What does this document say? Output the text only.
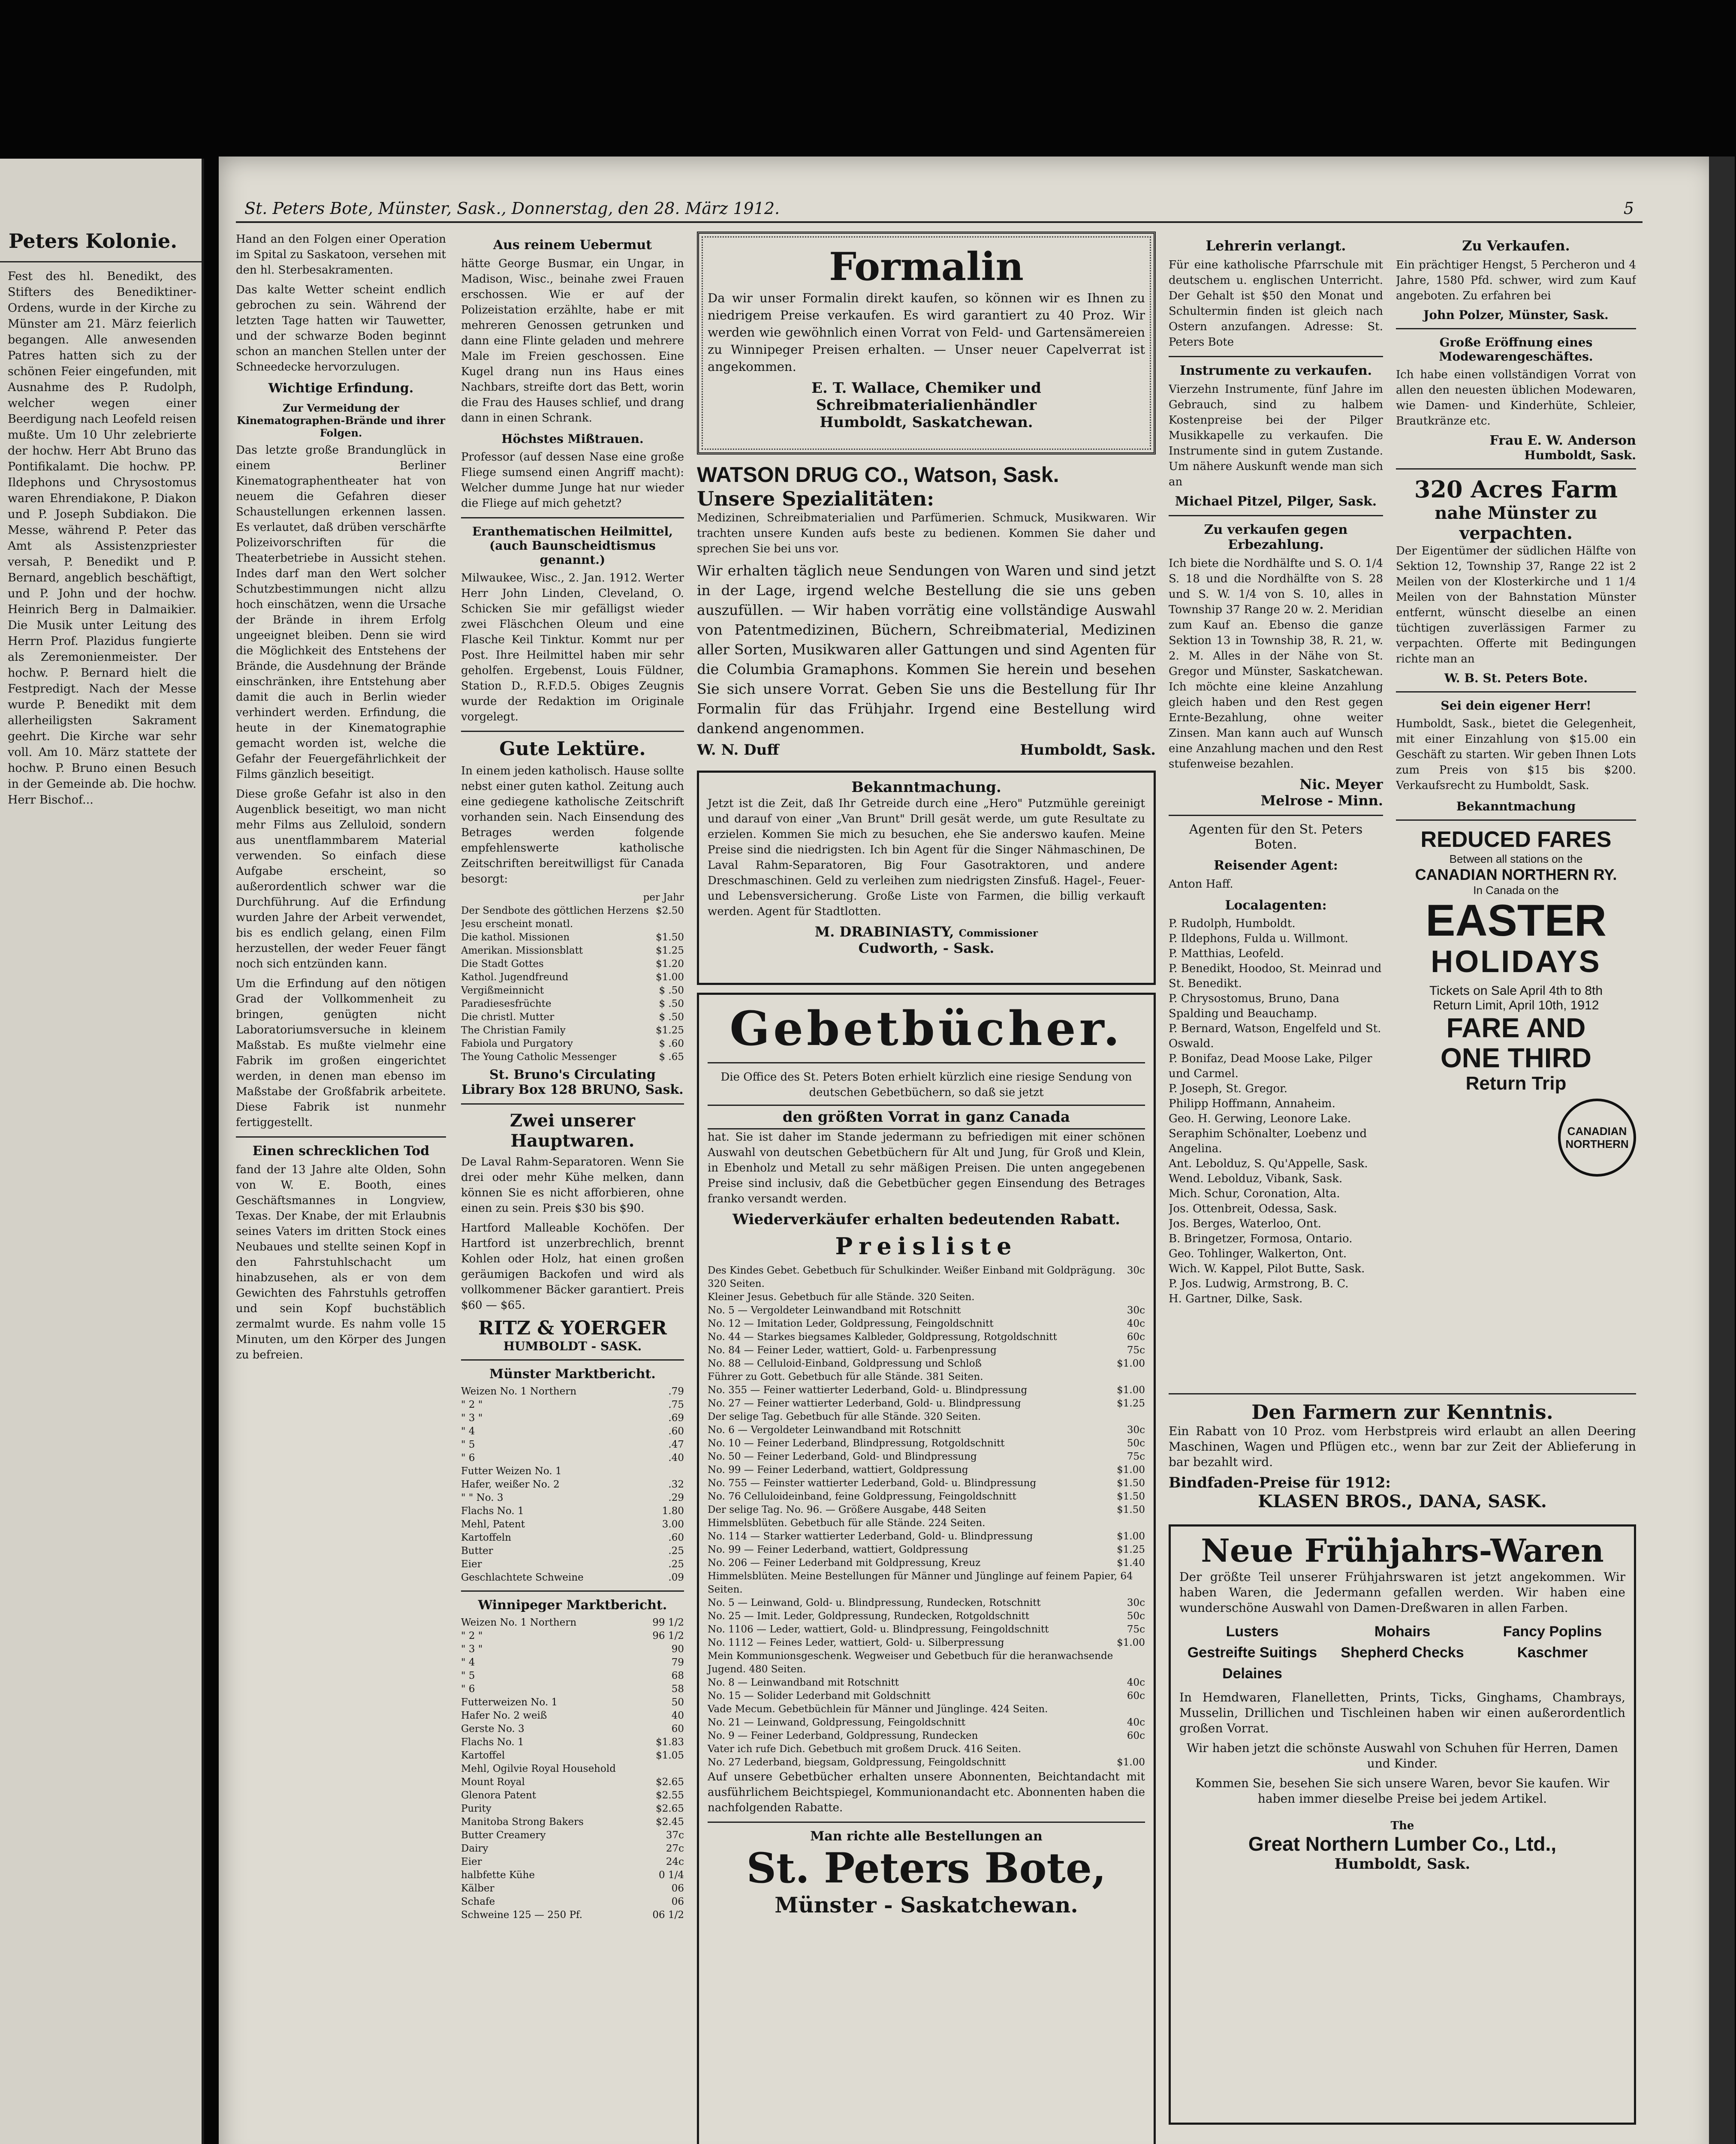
Peters Kolonie.
Fest des hl. Benedikt, des Stifters des Benediktiner-Ordens, wurde in der Kirche zu Münster am 21. März feierlich begangen. Alle anwesenden Patres hatten sich zu der schönen Feier eingefunden, mit Ausnahme des P. Rudolph, welcher wegen einer Beerdigung nach Leofeld reisen mußte. Um 10 Uhr zelebrierte der hochw. Herr Abt Bruno das Pontifikalamt. Die hochw. PP. Ildephons und Chrysostomus waren Ehrendiakone, P. Diakon und P. Joseph Subdiakon. Die Messe, während P. Peter das Amt als Assistenzpriester versah, P. Benedikt und P. Bernard, angeblich beschäftigt, und P. John und der hochw. Heinrich Berg in Dalmaikier. Die Musik unter Leitung des Herrn Prof. Plazidus fungierte als Zeremonienmeister. Der hochw. P. Bernard hielt die Festpredigt. Nach der Messe wurde P. Benedikt mit dem allerheiligsten Sakrament geehrt. Die Kirche war sehr voll. Am 10. März stattete der hochw. P. Bruno einen Besuch in der Gemeinde ab. Die hochw. Herr Bischof...
St. Peters Bote, Münster, Sask., Donnerstag, den 28. März 1912.	5

Hand an den Folgen einer Operation im Spital zu Saskatoon, versehen mit den hl. Sterbesakramenten.

Das kalte Wetter scheint endlich gebrochen zu sein. Während der letzten Tage hatten wir Tauwetter, und der schwarze Boden beginnt schon an manchen Stellen unter der Schneedecke hervorzulugen.

Wichtige Erfindung.
Zur Vermeidung der Kinematographen-Brände und ihrer Folgen.

Das letzte große Brandunglück in einem Berliner Kinematographentheater hat von neuem die Gefahren dieser Schaustellungen erkennen lassen. Es verlautet, daß drüben verschärfte Polizeivorschriften für die Theaterbetriebe in Aussicht stehen. Indes darf man den Wert solcher Schutzbestimmungen nicht allzu hoch einschätzen, wenn die Ursache der Brände in ihrem Erfolg ungeeignet bleiben. Denn sie wird die Möglichkeit des Entstehens der Brände, die Ausdehnung der Brände einschränken, ihre Entstehung aber damit die auch in Berlin wieder verhindert werden. Erfindung, die heute in der Kinematographie gemacht worden ist, welche die Gefahr der Feuergefährlichkeit der Films gänzlich beseitigt.

Diese große Gefahr ist also in den Augenblick beseitigt, wo man nicht mehr Films aus Zelluloid, sondern aus unentflammbarem Material verwenden. So einfach diese Aufgabe erscheint, so außerordentlich schwer war die Durchführung. Auf die Erfindung wurden Jahre der Arbeit verwendet, bis es endlich gelang, einen Film herzustellen, der weder Feuer fängt noch sich entzünden kann.

Um die Erfindung auf den nötigen Grad der Vollkommenheit zu bringen, genügten nicht Laboratoriumsversuche in kleinem Maßstab. Es mußte vielmehr eine Fabrik im großen eingerichtet werden, in denen man ebenso im Maßstabe der Großfabrik arbeitete. Diese Fabrik ist nunmehr fertiggestellt.

Einen schrecklichen Tod

fand der 13 Jahre alte Olden, Sohn von W. E. Booth, eines Geschäftsmannes in Longview, Texas. Der Knabe, der mit Erlaubnis seines Vaters im dritten Stock eines Neubaues und stellte seinen Kopf in den Fahrstuhlschacht um hinabzusehen, als er von dem Gewichten des Fahrstuhls getroffen und sein Kopf buchstäblich zermalmt wurde. Es nahm volle 15 Minuten, um den Körper des Jungen zu befreien.

Aus reinem Uebermut

hätte George Busmar, ein Ungar, in Madison, Wisc., beinahe zwei Frauen erschossen. Wie er auf der Polizeistation erzählte, habe er mit mehreren Genossen getrunken und dann eine Flinte geladen und mehrere Male im Freien geschossen. Eine Kugel drang nun ins Haus eines Nachbars, streifte dort das Bett, worin die Frau des Hauses schlief, und drang dann in einen Schrank.

Höchstes Mißtrauen.

Professor (auf dessen Nase eine große Fliege sumsend einen Angriff macht): Welcher dumme Junge hat nur wieder die Fliege auf mich gehetzt?

Eranthematischen Heilmittel, (auch Baunscheidtismus genannt.)

Milwaukee, Wisc., 2. Jan. 1912. Werter Herr John Linden, Cleveland, O. Schicken Sie mir gefälligst wieder zwei Fläschchen Oleum und eine Flasche Keil Tinktur. Kommt nur per Post. Ihre Heilmittel haben mir sehr geholfen. Ergebenst, Louis Füldner, Station D., R.F.D.5. Obiges Zeugnis wurde der Redaktion im Originale vorgelegt.

Gute Lektüre.

In einem jeden katholisch. Hause sollte nebst einer guten kathol. Zeitung auch eine gediegene katholische Zeitschrift vorhanden sein. Nach Einsendung des Betrages werden folgende empfehlenswerte katholische Zeitschriften bereitwilligst für Canada besorgt:

per Jahr
Der Sendbote des göttlichen Herzens Jesu erscheint monatl.
$2.50
Die kathol. Missionen	$1.50
Amerikan. Missionsblatt	$1.25
Die Stadt Gottes	$1.20
Kathol. Jugendfreund	$1.00
Vergißmeinnicht	$ .50
Paradiesesfrüchte	$ .50
Die christl. Mutter	$ .50
The Christian Family	$1.25
Fabiola und Purgatory	$ .60
The Young Catholic Messenger	$ .65
St. Bruno's Circulating Library Box 128 BRUNO, Sask.
Zwei unserer Hauptwaren.

De Laval Rahm-Separatoren. Wenn Sie drei oder mehr Kühe melken, dann können Sie es nicht afforbieren, ohne einen zu sein. Preis $30 bis $90.

Hartford Malleable Kochöfen. Der Hartford ist unzerbrechlich, brennt Kohlen oder Holz, hat einen großen geräumigen Backofen und wird als vollkommener Bäcker garantiert. Preis $60 — $65.

RITZ & YOERGER
HUMBOLDT - SASK.
Münster Marktbericht.
Weizen No. 1 Northern	.79
" 2 "	.75
" 3 "	.69
" 4	.60
" 5	.47
" 6	.40
Futter Weizen No. 1
Hafer, weißer No. 2	.32
" " No. 3	.29
Flachs No. 1	1.80
Mehl, Patent	3.00
Kartoffeln	.60
Butter	.25
Eier	.25
Geschlachtete Schweine	.09
Winnipeger Marktbericht.
Weizen No. 1 Northern	99 1/2
" 2 "	96 1/2
" 3 "	90
" 4	79
" 5	68
" 6	58
Futterweizen No. 1	50
Hafer No. 2 weiß	40
Gerste No. 3	60
Flachs No. 1	$1.83
Kartoffel	$1.05
Mehl, Ogilvie Royal Household
Mount Royal	$2.65
Glenora Patent	$2.55
Purity	$2.65
Manitoba Strong Bakers	$2.45
Butter Creamery	37c
Dairy	27c
Eier	24c
halbfette Kühe	0 1/4
Kälber	06
Schafe	06
Schweine 125 — 250 Pf.	06 1/2
Formalin

Da wir unser Formalin direkt kaufen, so können wir es Ihnen zu niedrigem Preise verkaufen. Es wird garantiert zu 40 Proz. Wir werden wie gewöhnlich einen Vorrat von Feld- und Gartensämereien zu Winnipeger Preisen erhalten. — Unser neuer Capelverrat ist angekommen.

E. T. Wallace, Chemiker und Schreibmaterialienhändler
Humboldt, Saskatchewan.
WATSON DRUG CO., Watson, Sask.
Unsere Spezialitäten:

Medizinen, Schreibmaterialien und Parfümerien. Schmuck, Musikwaren. Wir trachten unsere Kunden aufs beste zu bedienen. Kommen Sie daher und sprechen Sie bei uns vor.

Wir erhalten täglich neue Sendungen von Waren und sind jetzt in der Lage, irgend welche Bestellung die sie uns geben auszufüllen. — Wir haben vorrätig eine vollständige Auswahl von Patentmedizinen, Büchern, Schreibmaterial, Medizinen aller Sorten, Musikwaren aller Gattungen und sind Agenten für die Columbia Gramaphons. Kommen Sie herein und besehen Sie sich unsere Vorrat. Geben Sie uns die Bestellung für Ihr Formalin für das Frühjahr. Irgend eine Bestellung wird dankend angenommen.

W. N. Duff	Humboldt, Sask.
Bekanntmachung.

Jetzt ist die Zeit, daß Ihr Getreide durch eine „Hero" Putzmühle gereinigt und darauf von einer „Van Brunt" Drill gesät werde, um gute Resultate zu erzielen. Kommen Sie mich zu besuchen, ehe Sie anderswo kaufen. Meine Preise sind die niedrigsten. Ich bin Agent für die Singer Nähmaschinen, De Laval Rahm-Separatoren, Big Four Gasotraktoren, und andere Dreschmaschinen. Geld zu verleihen zum niedrigsten Zinsfuß. Hagel-, Feuer- und Lebensversicherung. Große Liste von Farmen, die billig verkauft werden. Agent für Stadtlotten.

M. DRABINIASTY, Commissioner
Cudworth, - Sask.
Gebetbücher.

Die Office des St. Peters Boten erhielt kürzlich eine riesige Sendung von deutschen Gebetbüchern, so daß sie jetzt

den größten Vorrat in ganz Canada

hat. Sie ist daher im Stande jedermann zu befriedigen mit einer schönen Auswahl von deutschen Gebetbüchern für Alt und Jung, für Groß und Klein, in Ebenholz und Metall zu sehr mäßigen Preisen. Die unten angegebenen Preise sind inclusiv, daß die Gebetbücher gegen Einsendung des Betrages franko versandt werden.

Wiederverkäufer erhalten bedeutenden Rabatt.
Preisliste
Des Kindes Gebet. Gebetbuch für Schulkinder. Weißer Einband mit Goldprägung. 320 Seiten.
30c
Kleiner Jesus. Gebetbuch für alle Stände. 320 Seiten.
No. 5 — Vergoldeter Leinwandband mit Rotschnitt	30c
No. 12 — Imitation Leder, Goldpressung, Feingoldschnitt	40c
No. 44 — Starkes biegsames Kalbleder, Goldpressung, Rotgoldschnitt	60c
No. 84 — Feiner Leder, wattiert, Gold- u. Farbenpressung	75c
No. 88 — Celluloid-Einband, Goldpressung und Schloß	$1.00
Führer zu Gott. Gebetbuch für alle Stände. 381 Seiten.
No. 355 — Feiner wattierter Lederband, Gold- u. Blindpressung	$1.00
No. 27 — Feiner wattierter Lederband, Gold- u. Blindpressung	$1.25
Der selige Tag. Gebetbuch für alle Stände. 320 Seiten.
No. 6 — Vergoldeter Leinwandband mit Rotschnitt	30c
No. 10 — Feiner Lederband, Blindpressung, Rotgoldschnitt	50c
No. 50 — Feiner Lederband, Gold- und Blindpressung	75c
No. 99 — Feiner Lederband, wattiert, Goldpressung	$1.00
No. 755 — Feinster wattierter Lederband, Gold- u. Blindpressung	$1.50
No. 76 Celluloideinband, feine Goldpressung, Feingoldschnitt	$1.50
Der selige Tag. No. 96. — Größere Ausgabe, 448 Seiten	$1.50
Himmelsblüten. Gebetbuch für alle Stände. 224 Seiten.
No. 114 — Starker wattierter Lederband, Gold- u. Blindpressung	$1.00
No. 99 — Feiner Lederband, wattiert, Goldpressung	$1.25
No. 206 — Feiner Lederband mit Goldpressung, Kreuz	$1.40
Himmelsblüten. Meine Bestellungen für Männer und Jünglinge auf feinem Papier, 64 Seiten.
No. 5 — Leinwand, Gold- u. Blindpressung, Rundecken, Rotschnitt	30c
No. 25 — Imit. Leder, Goldpressung, Rundecken, Rotgoldschnitt	50c
No. 1106 — Leder, wattiert, Gold- u. Blindpressung, Feingoldschnitt	75c
No. 1112 — Feines Leder, wattiert, Gold- u. Silberpressung	$1.00
Mein Kommunionsgeschenk. Wegweiser und Gebetbuch für die heranwachsende Jugend. 480 Seiten.
No. 8 — Leinwandband mit Rotschnitt	40c
No. 15 — Solider Lederband mit Goldschnitt	60c
Vade Mecum. Gebetbüchlein für Männer und Jünglinge. 424 Seiten.
No. 21 — Leinwand, Goldpressung, Feingoldschnitt	40c
No. 9 — Feiner Lederband, Goldpressung, Rundecken	60c
Vater ich rufe Dich. Gebetbuch mit großem Druck. 416 Seiten.
No. 27 Lederband, biegsam, Goldpressung, Feingoldschnitt	$1.00

Auf unsere Gebetbücher erhalten unsere Abonnenten, Beichtandacht mit ausführlichem Beichtspiegel, Kommunionandacht etc. Abonnenten haben die nachfolgenden Rabatte.

Man richte alle Bestellungen an
St. Peters Bote,
Münster - Saskatchewan.
Lehrerin verlangt.

Für eine katholische Pfarrschule mit deutschem u. englischen Unterricht. Der Gehalt ist $50 den Monat und Schultermin finden ist gleich nach Ostern anzufangen. Adresse: St. Peters Bote

Instrumente zu verkaufen.

Vierzehn Instrumente, fünf Jahre im Gebrauch, sind zu halbem Kostenpreise bei der Pilger Musikkapelle zu verkaufen. Die Instrumente sind in gutem Zustande. Um nähere Auskunft wende man sich an

Michael Pitzel, Pilger, Sask.
Zu verkaufen gegen Erbezahlung.

Ich biete die Nordhälfte und S. O. 1/4 S. 18 und die Nordhälfte von S. 28 und S. W. 1/4 von S. 10, alles in Township 37 Range 20 w. 2. Meridian zum Kauf an. Ebenso die ganze Sektion 13 in Township 38, R. 21, w. 2. M. Alles in der Nähe von St. Gregor und Münster, Saskatchewan. Ich möchte eine kleine Anzahlung gleich haben und den Rest gegen Ernte-Bezahlung, ohne weiter Zinsen. Man kann auch auf Wunsch eine Anzahlung machen und den Rest stufenweise bezahlen.

Nic. Meyer
Melrose - Minn.
Agenten für den St. Peters Boten.
Reisender Agent:

Anton Haff.

Localagenten:
P. Rudolph, Humboldt.
P. Ildephons, Fulda u. Willmont.
P. Matthias, Leofeld.
P. Benedikt, Hoodoo, St. Meinrad und St. Benedikt.
P. Chrysostomus, Bruno, Dana Spalding und Beauchamp.
P. Bernard, Watson, Engelfeld und St. Oswald.
P. Bonifaz, Dead Moose Lake, Pilger und Carmel.
P. Joseph, St. Gregor.
Philipp Hoffmann, Annaheim.
Geo. H. Gerwing, Leonore Lake.
Seraphim Schönalter, Loebenz und Angelina.
Ant. Lebolduz, S. Qu'Appelle, Sask.
Wend. Lebolduz, Vibank, Sask.
Mich. Schur, Coronation, Alta.
Jos. Ottenbreit, Odessa, Sask.
Jos. Berges, Waterloo, Ont.
B. Bringetzer, Formosa, Ontario.
Geo. Tohlinger, Walkerton, Ont.
Wich. W. Kappel, Pilot Butte, Sask.
P. Jos. Ludwig, Armstrong, B. C.
H. Gartner, Dilke, Sask.
Zu Verkaufen.

Ein prächtiger Hengst, 5 Percheron und 4 Jahre, 1580 Pfd. schwer, wird zum Kauf angeboten. Zu erfahren bei

John Polzer, Münster, Sask.
Große Eröffnung eines Modewarengeschäftes.

Ich habe einen vollständigen Vorrat von allen den neuesten üblichen Modewaren, wie Damen- und Kinderhüte, Schleier, Brautkränze etc.

Frau E. W. Anderson
Humboldt, Sask.
320 Acres Farm
nahe Münster zu verpachten.

Der Eigentümer der südlichen Hälfte von Sektion 12, Township 37, Range 22 ist 2 Meilen von der Klosterkirche und 1 1/4 Meilen von der Bahnstation Münster entfernt, wünscht dieselbe an einen tüchtigen zuverlässigen Farmer zu verpachten. Offerte mit Bedingungen richte man an

W. B. St. Peters Bote.
Sei dein eigener Herr!

Humboldt, Sask., bietet die Gelegenheit, mit einer Einzahlung von $15.00 ein Geschäft zu starten. Wir geben Ihnen Lots zum Preis von $15 bis $200. Verkaufsrecht zu Humboldt, Sask.

Bekanntmachung
REDUCED FARES
Between all stations on the
CANADIAN NORTHERN RY.
In Canada on the
EASTER
HOLIDAYS
Tickets on Sale April 4th to 8th
Return Limit, April 10th, 1912
FARE AND
ONE THIRD
Return Trip
CANADIAN NORTHERN
Den Farmern zur Kenntnis.

Ein Rabatt von 10 Proz. vom Herbstpreis wird erlaubt an allen Deering Maschinen, Wagen und Pflügen etc., wenn bar zur Zeit der Ablieferung in bar bezahlt wird.

Bindfaden-Preise für 1912:
KLASEN BROS., DANA, SASK.
Neue Frühjahrs-Waren

Der größte Teil unserer Frühjahrswaren ist jetzt angekommen. Wir haben Waren, die Jedermann gefallen werden. Wir haben eine wunderschöne Auswahl von Damen-Dreßwaren in allen Farben.

Lusters	Mohairs	Fancy Poplins
Gestreifte Suitings	Shepherd Checks	Kaschmer
Delaines

In Hemdwaren, Flanelletten, Prints, Ticks, Ginghams, Chambrays, Musselin, Drillichen und Tischleinen haben wir einen außerordentlich großen Vorrat.

Wir haben jetzt die schönste Auswahl von Schuhen für Herren, Damen und Kinder.

Kommen Sie, besehen Sie sich unsere Waren, bevor Sie kaufen. Wir haben immer dieselbe Preise bei jedem Artikel.

The
Great Northern Lumber Co., Ltd.,
Humboldt, Sask.
